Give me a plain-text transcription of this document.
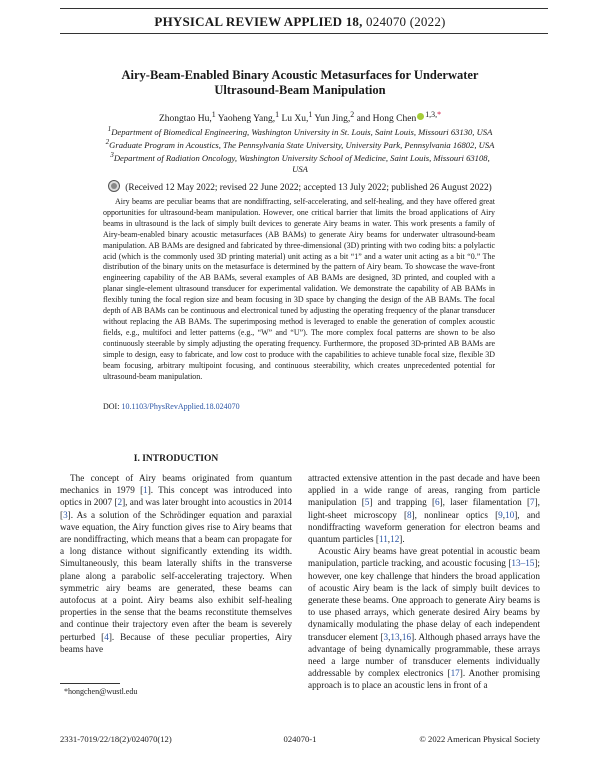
PHYSICAL REVIEW APPLIED 18, 024070 (2022)
Airy-Beam-Enabled Binary Acoustic Metasurfaces for Underwater
Ultrasound-Beam Manipulation
Zhongtao Hu,$^1$ Yaoheng Yang,$^1$ Lu Xu,$^1$ Yun Jing,$^2$ and Hong Chen $^{1,3,*}$
$^1$Department of Biomedical Engineering, Washington University in St. Louis, Saint Louis, Missouri 63130, USA
$^2$Graduate Program in Acoustics, The Pennsylvania State University, University Park, Pennsylvania 16802, USA
$^3$Department of Radiation Oncology, Washington University School of Medicine, Saint Louis, Missouri 63108,
USA
(Received 12 May 2022; revised 22 June 2022; accepted 13 July 2022; published 26 August 2022)

Airy beams are peculiar beams that are nondiffracting, self-accelerating, and self-healing, and they have offered great opportunities for ultrasound-beam manipulation. However, one critical barrier that limits the broad applications of Airy beams in ultrasound is the lack of simply built devices to generate Airy beams in water. This work presents a family of Airy-beam-enabled binary acoustic metasurfaces (AB BAMs) to generate Airy beams for underwater ultrasound-beam manipulation. AB BAMs are designed and fabricated by three-dimensional (3D) printing with two coding bits: a polylactic acid (which is the commonly used 3D printing material) unit acting as a bit “1” and a water unit acting as a bit “0.” The distribution of the binary units on the metasurface is determined by the pattern of Airy beam. To showcase the wave-front engineering capability of the AB BAMs, several examples of AB BAMs are designed, 3D printed, and coupled with a planar single-element ultrasound transducer for experimental validation. We demonstrate the capability of AB BAMs in flexibly tuning the focal region size and beam focusing in 3D space by changing the design of the AB BAMs. The focal depth of AB BAMs can be continuous and electronical tuned by adjusting the operating frequency of the planar transducer without replacing the AB BAMs. The superimposing method is leveraged to enable the generation of complex acoustic fields, e.g., multifoci and letter patterns (e.g., “W” and “U”). The more complex focal patterns are shown to be also continuously steerable by simply adjusting the operating frequency. Furthermore, the proposed 3D-printed AB BAMs are simple to design, easy to fabricate, and low cost to produce with the capabilities to achieve tunable focal size, flexible 3D beam focusing, arbitrary multipoint focusing, and continuous steerability, which creates unprecedented potential for ultrasound-beam manipulation.

DOI: 10.1103/PhysRevApplied.18.024070
I. INTRODUCTION
The concept of Airy beams originated from quantum mechanics in 1979 [1]. This concept was introduced into optics in 2007 [2], and was later brought into acoustics in 2014 [3]. As a solution of the Schrödinger equation and paraxial wave equation, the Airy function gives rise to Airy beams that are nondiffracting, which means that a beam can propagate for a long distance without significantly extending its width. Simultaneously, this beam laterally shifts in the transverse plane along a parabolic self-accelerating trajectory. When symmetric airy beams are generated, these beams can autofocus at a point. Airy beams also exhibit self-healing properties in the sense that the beams reconstitute themselves and continue their trajectory even after the beam is severely perturbed [4]. Because of these peculiar properties, Airy beams have

attracted extensive attention in the past decade and have been applied in a wide range of areas, ranging from particle manipulation [5] and trapping [6], laser filamentation [7], light-sheet microscopy [8], nonlinear optics [9,10], and nondiffracting waveform generation for electron beams and quantum particles [11,12].

Acoustic Airy beams have great potential in acoustic beam manipulation, particle tracking, and acoustic focusing [13–15]; however, one key challenge that hinders the broad application of acoustic Airy beam is the lack of simply built devices to generate these beams. One approach to generate Airy beams is to use phased arrays, which generate desired Airy beams by dynamically modulating the phase delay of each independent transducer element [3,13,16]. Although phased arrays have the advantage of being dynamically programmable, these arrays need a large number of transducer elements individually addressable by complex electronics [17]. Another promising approach is to place an acoustic lens in front of a

*hongchen@wustl.edu
2331-7019/22/18(2)/024070(12)	024070-1	© 2022 American Physical Society
